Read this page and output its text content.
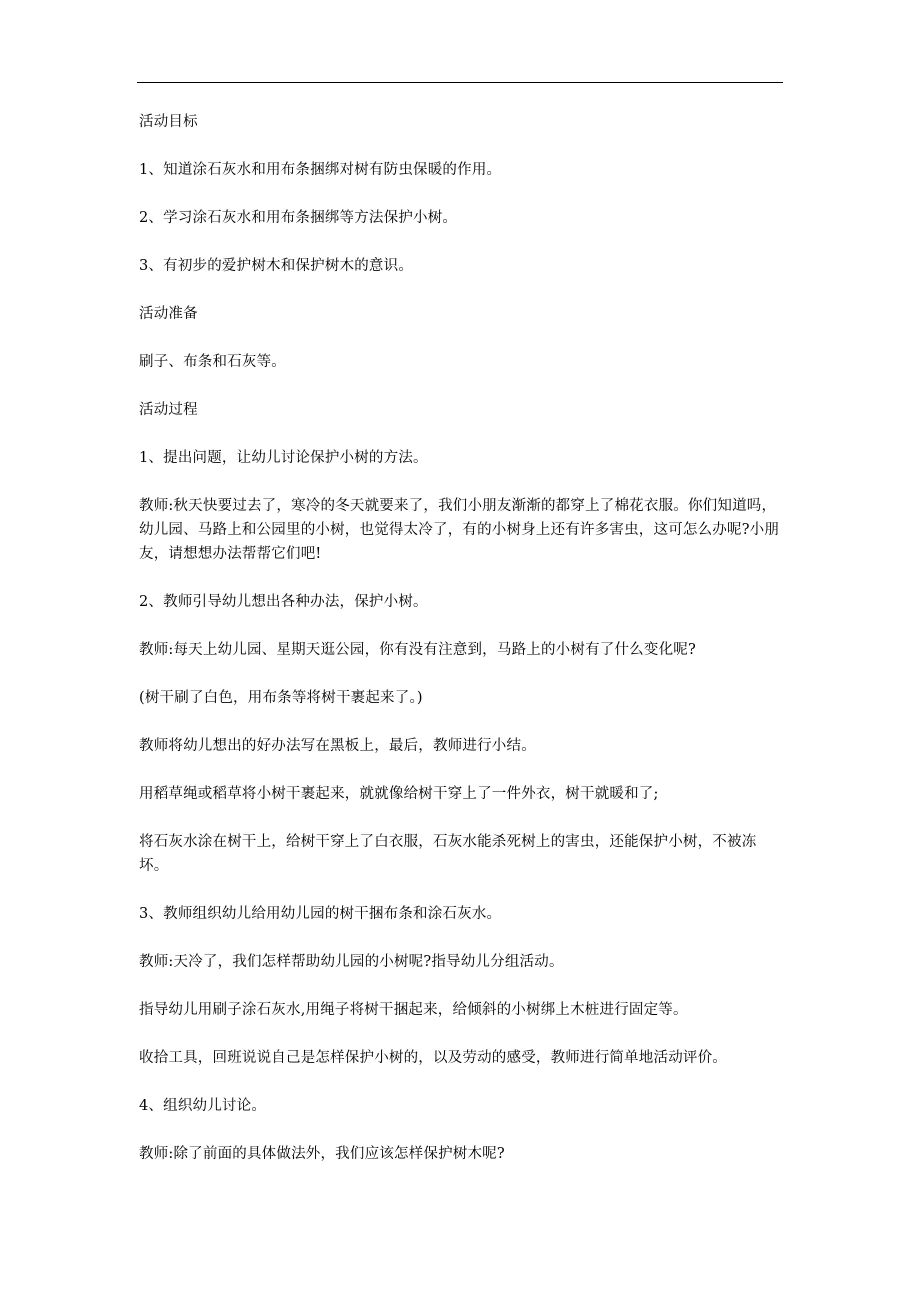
活动目标

1、知道涂石灰水和用布条捆绑对树有防虫保暖的作用。

2、学习涂石灰水和用布条捆绑等方法保护小树。

3、有初步的爱护树木和保护树木的意识。

活动准备

刷子、布条和石灰等。

活动过程

1、提出问题，让幼儿讨论保护小树的方法。

教师:秋天快要过去了，寒冷的冬天就要来了，我们小朋友渐渐的都穿上了棉花衣服。你们知道吗，幼儿园、马路上和公园里的小树，也觉得太冷了，有的小树身上还有许多害虫，这可怎么办呢?小朋友，请想想办法帮帮它们吧!

2、教师引导幼儿想出各种办法，保护小树。

教师:每天上幼儿园、星期天逛公园，你有没有注意到，马路上的小树有了什么变化呢?

(树干刷了白色，用布条等将树干裹起来了。)

教师将幼儿想出的好办法写在黑板上，最后，教师进行小结。

用稻草绳或稻草将小树干裹起来，就就像给树干穿上了一件外衣，树干就暖和了;

将石灰水涂在树干上，给树干穿上了白衣服，石灰水能杀死树上的害虫，还能保护小树，不被冻坏。

3、教师组织幼儿给用幼儿园的树干捆布条和涂石灰水。

教师:天冷了，我们怎样帮助幼儿园的小树呢?指导幼儿分组活动。

指导幼儿用刷子涂石灰水,用绳子将树干捆起来，给倾斜的小树绑上木桩进行固定等。

收拾工具，回班说说自己是怎样保护小树的，以及劳动的感受，教师进行简单地活动评价。

4、组织幼儿讨论。

教师:除了前面的具体做法外，我们应该怎样保护树木呢?
